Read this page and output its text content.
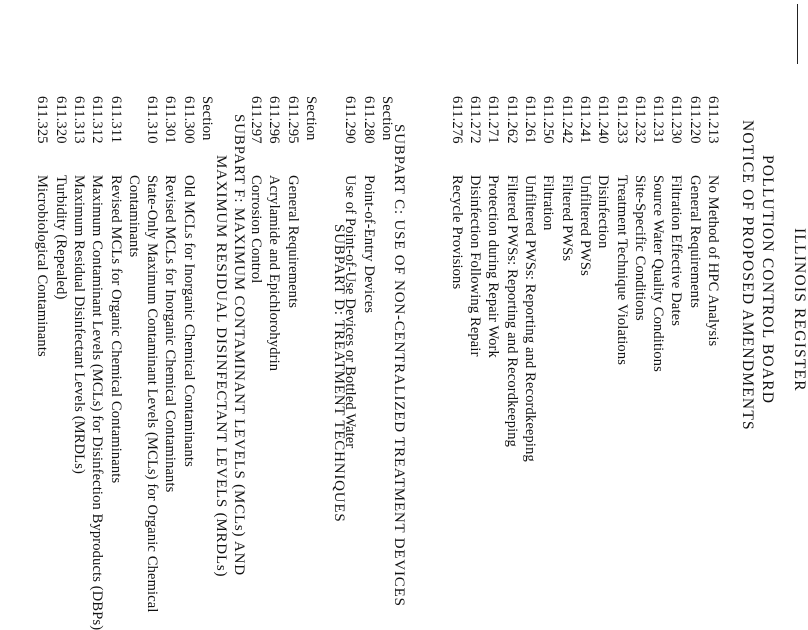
ILLINOIS REGISTER
POLLUTION CONTROL BOARD
NOTICE OF PROPOSED AMENDMENTS
611.213
611.220
611.230
611.231
611.232
611.233
611.240
611.241
611.242
611.250
611.261
611.262
611.271
611.272
611.276
No Method of HPC Analysis
General Requirements
Filtration Effective Dates
Source Water Quality Conditions
Site-Specific Conditions
Treatment Technique Violations
Disinfection
Unfiltered PWSs
Filtered PWSs
Filtration
Unfiltered PWSs: Reporting and Recordkeeping
Filtered PWSs: Reporting and Recordkeeping
Protection during Repair Work
Disinfection Following Repair
Recycle Provisions
SUBPART C: USE OF NON-CENTRALIZED TREATMENT DEVICES
Section
611.280
611.290
Point-of-Entry Devices
Use of Point-of-Use Devices or Bottled Water
SUBPART D: TREATMENT TECHNIQUES
Section
611.295
611.296
611.297
General Requirements
Acrylamide and Epichlorohydrin
Corrosion Control
SUBPART F: MAXIMUM CONTAMINANT LEVELS (MCLs) AND
MAXIMUM RESIDUAL DISINFECTANT LEVELS (MRDLs)
Section
611.300
611.301
611.310
611.311
611.312
611.313
611.320
611.325
Old MCLs for Inorganic Chemical Contaminants
Revised MCLs for Inorganic Chemical Contaminants
State-Only Maximum Contaminant Levels (MCLs) for Organic Chemical
Contaminants
Revised MCLs for Organic Chemical Contaminants
Maximum Contaminant Levels (MCLs) for Disinfection Byproducts (DBPs)
Maximum Residual Disinfectant Levels (MRDLs)
Turbidity (Repealed)
Microbiological Contaminants
